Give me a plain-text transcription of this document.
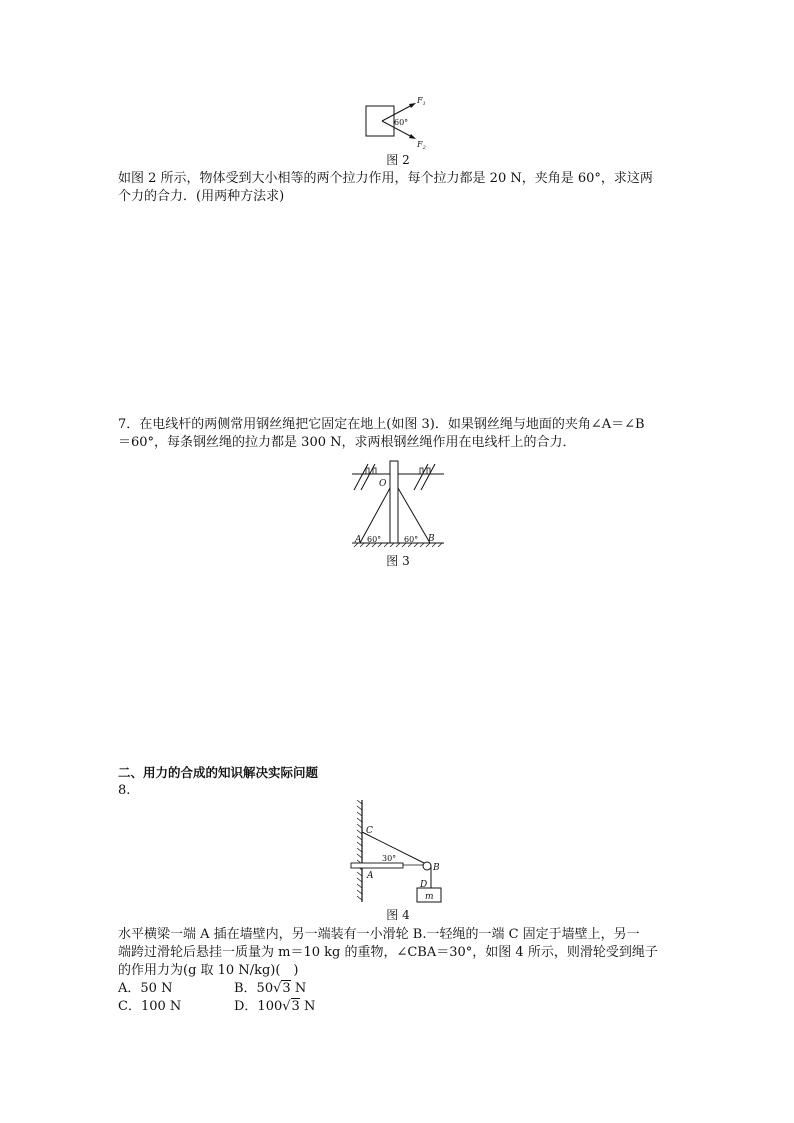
$F_1$
$F_2$
60°
图 2
如图 2 所示，物体受到大小相等的两个拉力作用，每个拉力都是 20 N，夹角是 60°，求这两
个力的合力．(用两种方法求)
7．在电线杆的两侧常用钢丝绳把它固定在地上(如图 3)．如果钢丝绳与地面的夹角∠A＝∠B
＝60°，每条钢丝绳的拉力都是 300 N，求两根钢丝绳作用在电线杆上的合力．
O
A	B
60°	60°
图 3
二、用力的合成的知识解决实际问题
8.
m
C
A
B
D
30°
图 4
水平横梁一端 A 插在墙壁内，另一端装有一小滑轮 B.一轻绳的一端 C 固定于墙壁上，另一
端跨过滑轮后悬挂一质量为 m＝10 kg 的重物，∠CBA＝30°，如图 4 所示，则滑轮受到绳子
的作用力为(g 取 10 N/kg)(　)
A．50 N	B．50√3 N
C．100 N	D．100√3 N
